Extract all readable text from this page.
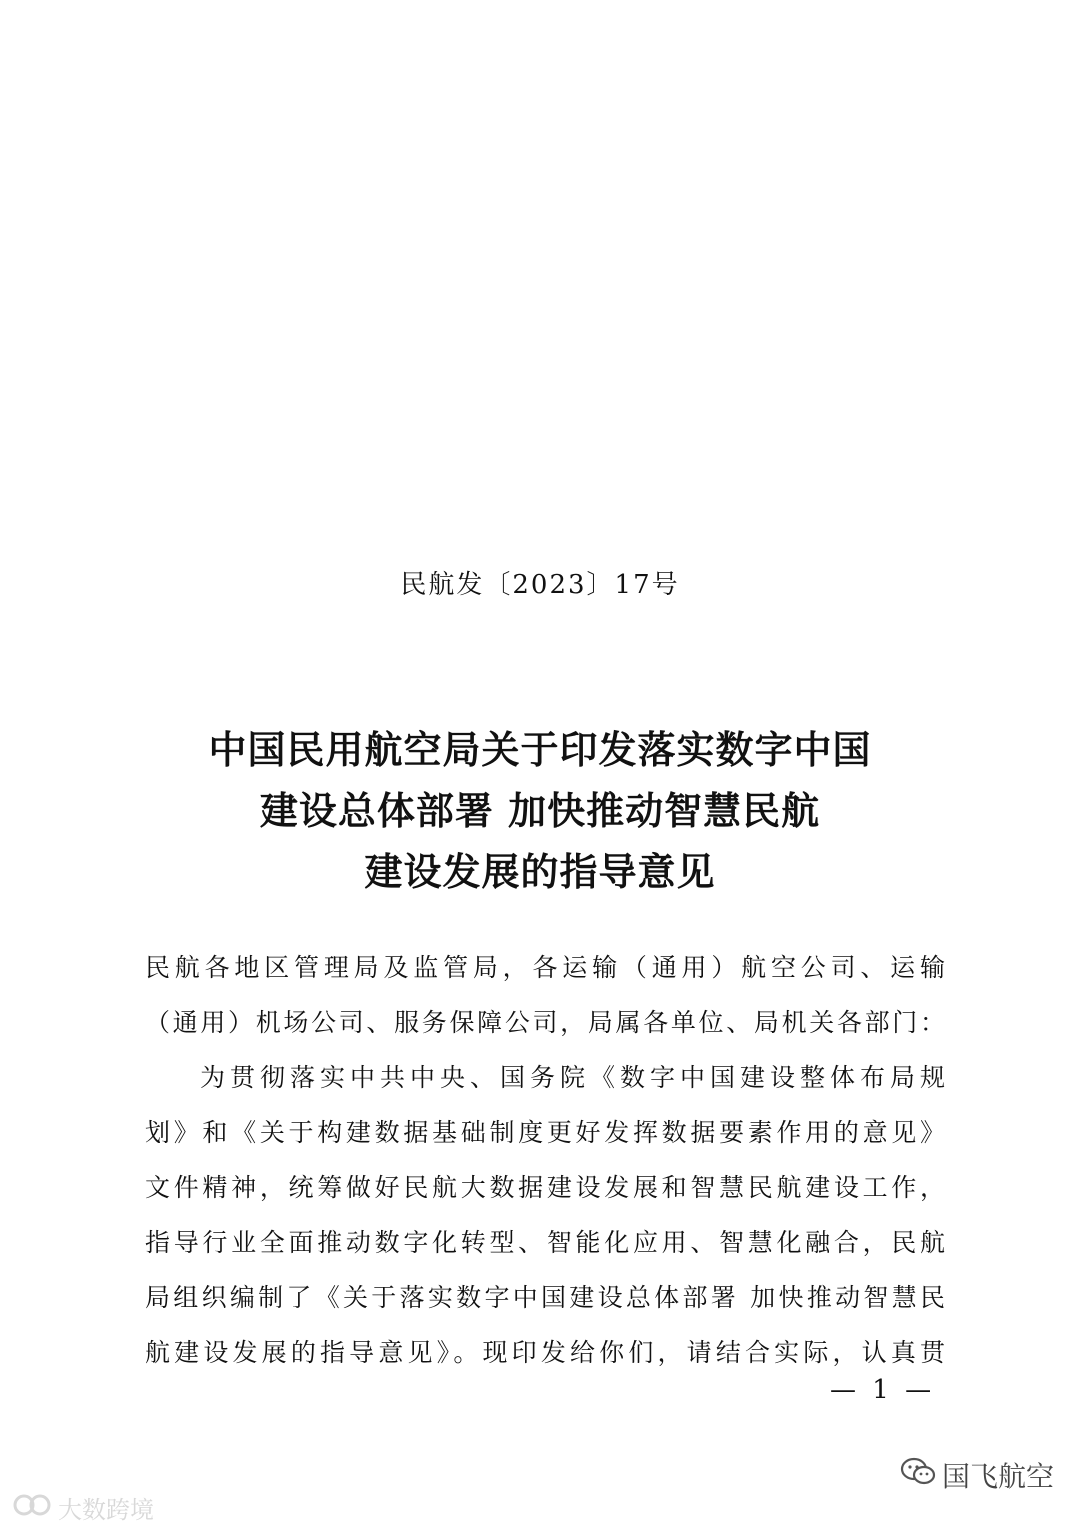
民航发〔2023〕17号
中国民用航空局关于印发落实数字中国
建设总体部署 加快推动智慧民航
建设发展的指导意见
民航各地区管理局及监管局，各运输（通用）航空公司、运输
（通用）机场公司、服务保障公司，局属各单位、局机关各部门：
为贯彻落实中共中央、国务院《数字中国建设整体布局规
划》和《关于构建数据基础制度更好发挥数据要素作用的意见》
文件精神，统筹做好民航大数据建设发展和智慧民航建设工作，
指导行业全面推动数字化转型、智能化应用、智慧化融合，民航
局组织编制了《关于落实数字中国建设总体部署 加快推动智慧民
航建设发展的指导意见》。现印发给你们，请结合实际，认真贯
— 1 —
大数跨境
国飞航空
